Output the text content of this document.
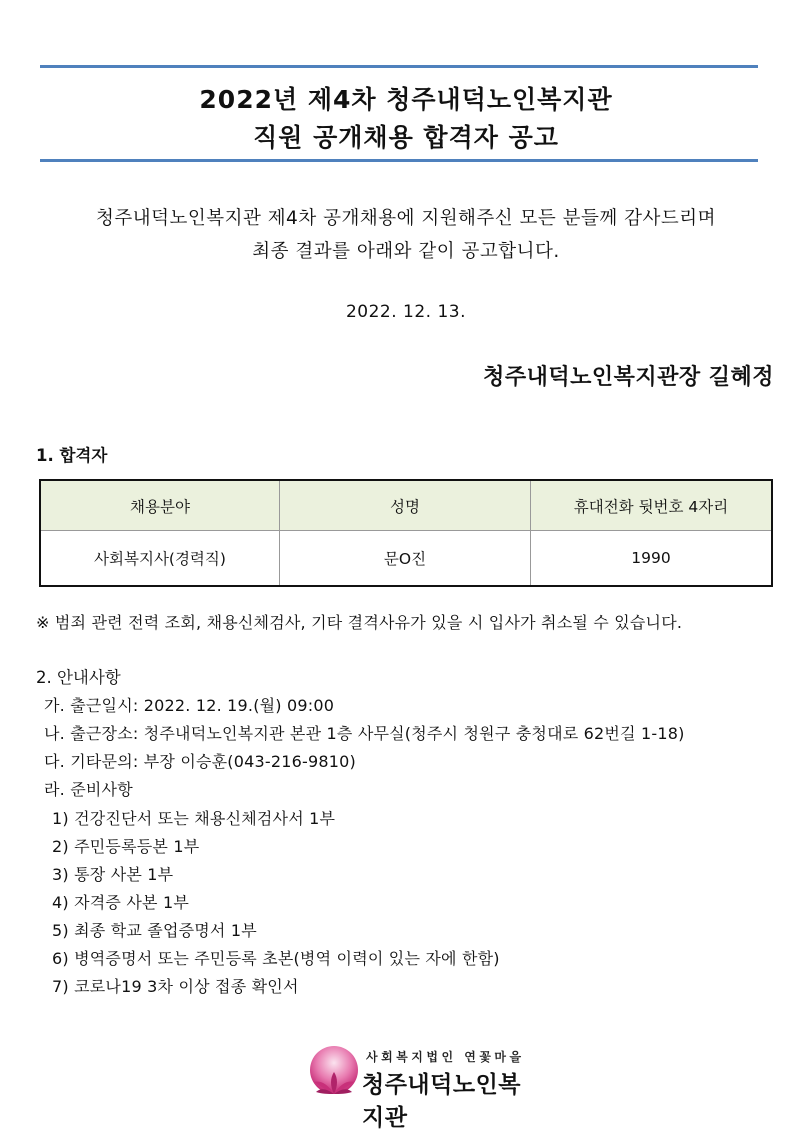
2022년 제4차 청주내덕노인복지관
직원 공개채용 합격자 공고
청주내덕노인복지관 제4차 공개채용에 지원해주신 모든 분들께 감사드리며
최종 결과를 아래와 같이 공고합니다.
2022. 12. 13.
청주내덕노인복지관장 길혜정
1. 합격자
채용분야	성명	휴대전화 뒷번호 4자리
사회복지사(경력직)	문O진	1990
※ 범죄 관련 전력 조회, 채용신체검사, 기타 결격사유가 있을 시 입사가 취소될 수 있습니다.
2. 안내사항
가. 출근일시: 2022. 12. 19.(월) 09:00
나. 출근장소: 청주내덕노인복지관 본관 1층 사무실(청주시 청원구 충청대로 62번길 1-18)
다. 기타문의: 부장 이승훈(043-216-9810)
라. 준비사항
1) 건강진단서 또는 채용신체검사서 1부
2) 주민등록등본 1부
3) 통장 사본 1부
4) 자격증 사본 1부
5) 최종 학교 졸업증명서 1부
6) 병역증명서 또는 주민등록 초본(병역 이력이 있는 자에 한함)
7) 코로나19 3차 이상 접종 확인서
사회복지법인 연꽃마을
청주내덕노인복지관
